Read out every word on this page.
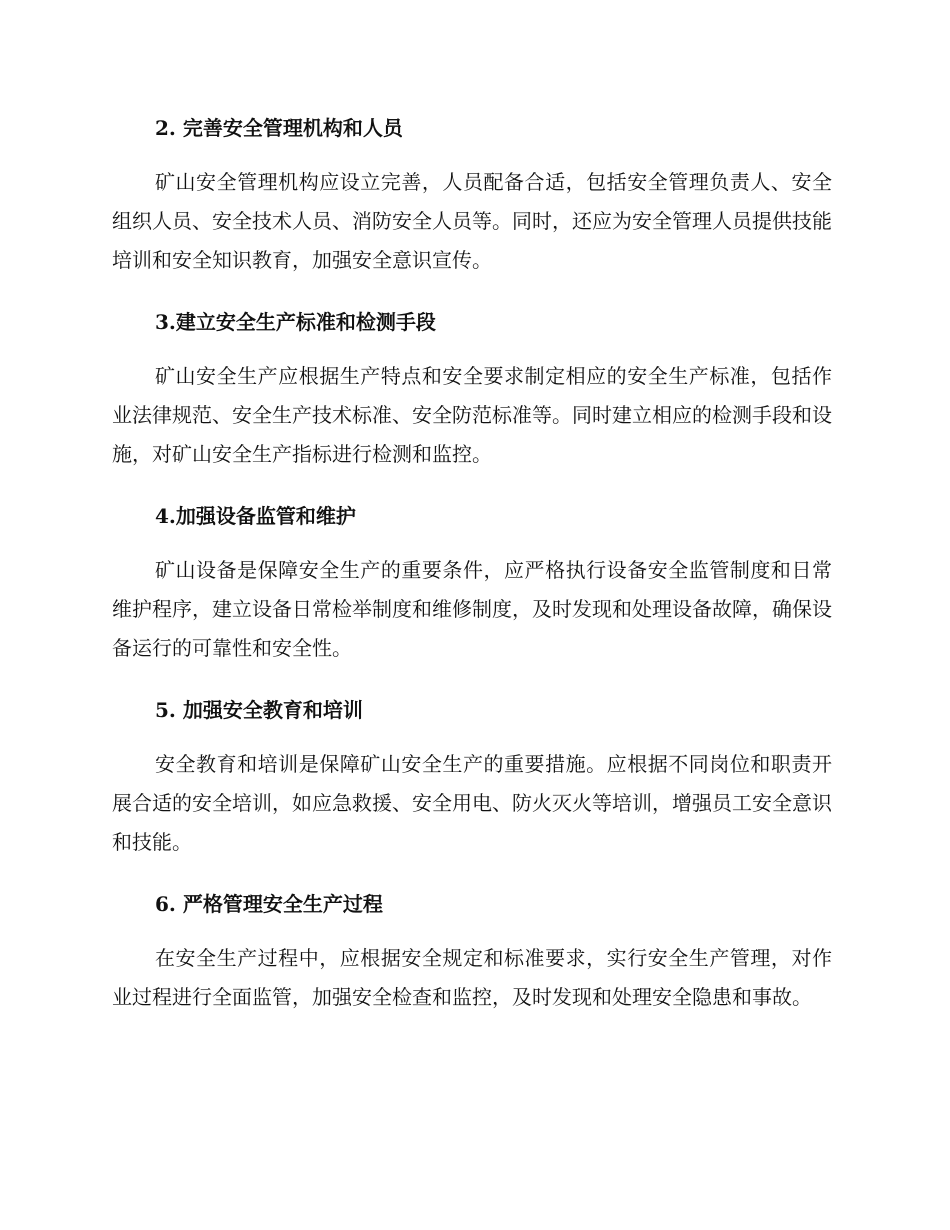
2. 完善安全管理机构和人员

矿山安全管理机构应设立完善，人员配备合适，包括安全管理负责人、安全组织人员、安全技术人员、消防安全人员等。同时，还应为安全管理人员提供技能培训和安全知识教育，加强安全意识宣传。

3.建立安全生产标准和检测手段

矿山安全生产应根据生产特点和安全要求制定相应的安全生产标准，包括作业法律规范、安全生产技术标准、安全防范标准等。同时建立相应的检测手段和设施，对矿山安全生产指标进行检测和监控。

4.加强设备监管和维护

矿山设备是保障安全生产的重要条件，应严格执行设备安全监管制度和日常维护程序，建立设备日常检举制度和维修制度，及时发现和处理设备故障，确保设备运行的可靠性和安全性。

5. 加强安全教育和培训

安全教育和培训是保障矿山安全生产的重要措施。应根据不同岗位和职责开展合适的安全培训，如应急救援、安全用电、防火灭火等培训，增强员工安全意识和技能。

6. 严格管理安全生产过程

在安全生产过程中，应根据安全规定和标准要求，实行安全生产管理，对作业过程进行全面监管，加强安全检查和监控，及时发现和处理安全隐患和事故。
